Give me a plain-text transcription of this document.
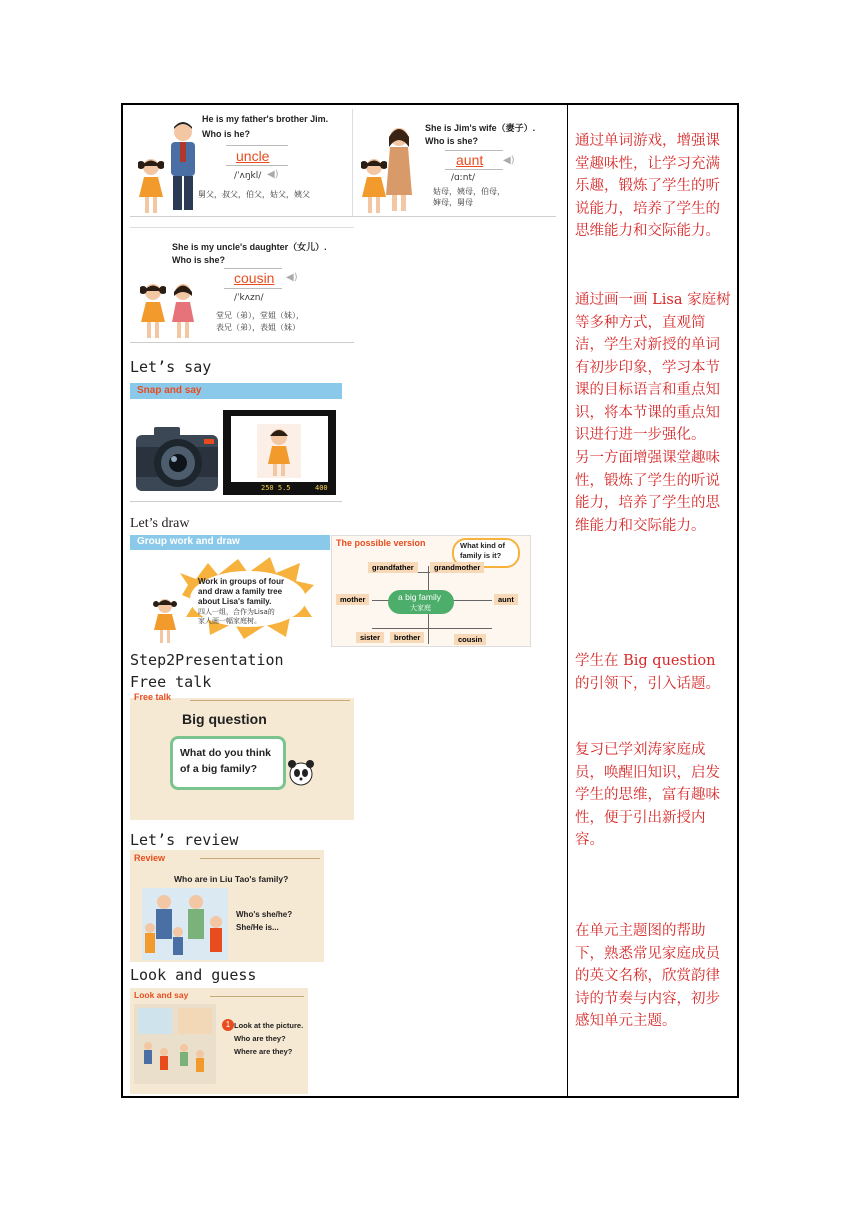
He is my father's brother Jim.
Who is he?
uncle
/ˈʌŋkl/ ◀)
舅父，叔父，伯父，姑父，姨父
She is Jim's wife（妻子）.
Who is she?
aunt ◀)
/ɑːnt/
姑母，姨母，伯母，
婶母，舅母
She is my uncle's daughter（女儿）.
Who is she?
cousin ◀)
/ˈkʌzn/
堂兄（弟），堂姐（妹），
表兄（弟），表姐（妹）
Let’s say
Snap and say
250 5.5	400
Let’s draw
Group work and draw
Work in groups of four
and draw a family tree
about Lisa's family.
四人一组，合作为Lisa的
家人画一幅家庭树。
The possible version	What kind of
family is it?
grandfather	grandmother
mother	aunt
a big family
大家庭
sister	brother	cousin
Step2Presentation
Free talk
Free talk
Big question
What do you think
of a big family?
Let’s review
Review
Who are in Liu Tao's family?
Who's she/he?
She/He is...
Look and guess
Look and say
1 Look at the picture.
Who are they?
Where are they?
通过单词游戏，增强课堂趣味性，让学习充满乐趣，锻炼了学生的听说能力，培养了学生的思维能力和交际能力。
通过画一画 Lisa 家庭树等多种方式，直观简洁，学生对新授的单词有初步印象，学习本节课的目标语言和重点知识，将本节课的重点知识进行进一步强化。
另一方面增强课堂趣味性，锻炼了学生的听说能力，培养了学生的思维能力和交际能力。
学生在 Big question 的引领下，引入话题。
复习已学刘涛家庭成员，唤醒旧知识，启发学生的思维，富有趣味性，便于引出新授内容。
在单元主题图的帮助下，熟悉常见家庭成员的英文名称，欣赏韵律诗的节奏与内容，初步感知单元主题。
